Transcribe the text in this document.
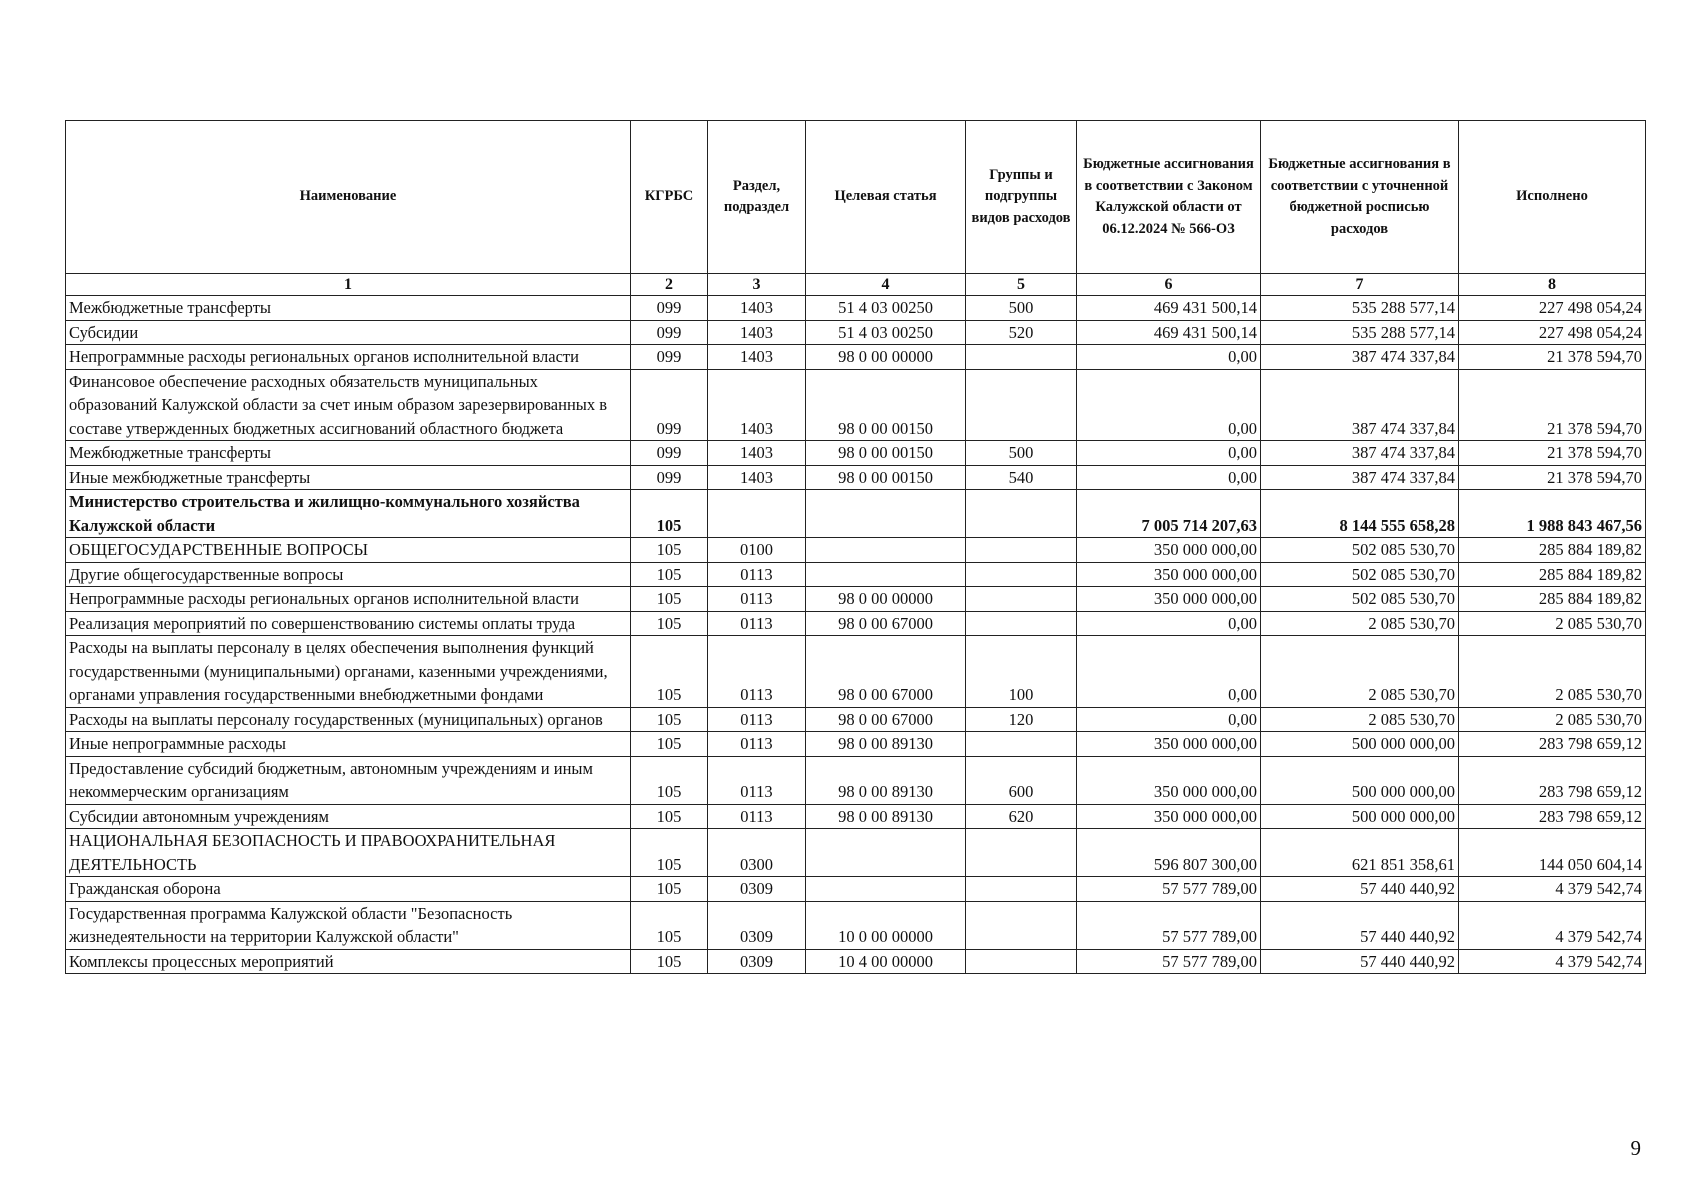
Наименование	КГРБС	Раздел, подраздел	Целевая статья	Группы и подгруппы видов расходов	Бюджетные ассигнования в соответствии с Законом Калужской области от 06.12.2024 № 566-ОЗ	Бюджетные ассигнования в соответствии с уточненной бюджетной росписью расходов	Исполнено
1	2	3	4	5	6	7	8
Межбюджетные трансферты	099	1403	51 4 03 00250	500	469 431 500,14	535 288 577,14	227 498 054,24
Субсидии	099	1403	51 4 03 00250	520	469 431 500,14	535 288 577,14	227 498 054,24
Непрограммные расходы региональных органов исполнительной власти	099	1403	98 0 00 00000		0,00	387 474 337,84	21 378 594,70
Финансовое обеспечение расходных обязательств муниципальных образований Калужской области за счет иным образом зарезервированных в составе утвержденных бюджетных ассигнований областного бюджета	099	1403	98 0 00 00150		0,00	387 474 337,84	21 378 594,70
Межбюджетные трансферты	099	1403	98 0 00 00150	500	0,00	387 474 337,84	21 378 594,70
Иные межбюджетные трансферты	099	1403	98 0 00 00150	540	0,00	387 474 337,84	21 378 594,70
Министерство строительства и жилищно-коммунального хозяйства Калужской области	105				7 005 714 207,63	8 144 555 658,28	1 988 843 467,56
ОБЩЕГОСУДАРСТВЕННЫЕ ВОПРОСЫ	105	0100			350 000 000,00	502 085 530,70	285 884 189,82
Другие общегосударственные вопросы	105	0113			350 000 000,00	502 085 530,70	285 884 189,82
Непрограммные расходы региональных органов исполнительной власти	105	0113	98 0 00 00000		350 000 000,00	502 085 530,70	285 884 189,82
Реализация мероприятий по совершенствованию системы оплаты труда	105	0113	98 0 00 67000		0,00	2 085 530,70	2 085 530,70
Расходы на выплаты персоналу в целях обеспечения выполнения функций государственными (муниципальными) органами, казенными учреждениями, органами управления государственными внебюджетными фондами	105	0113	98 0 00 67000	100	0,00	2 085 530,70	2 085 530,70
Расходы на выплаты персоналу государственных (муниципальных) органов	105	0113	98 0 00 67000	120	0,00	2 085 530,70	2 085 530,70
Иные непрограммные расходы	105	0113	98 0 00 89130		350 000 000,00	500 000 000,00	283 798 659,12
Предоставление субсидий бюджетным, автономным учреждениям и иным некоммерческим организациям	105	0113	98 0 00 89130	600	350 000 000,00	500 000 000,00	283 798 659,12
Субсидии автономным учреждениям	105	0113	98 0 00 89130	620	350 000 000,00	500 000 000,00	283 798 659,12
НАЦИОНАЛЬНАЯ БЕЗОПАСНОСТЬ И ПРАВООХРАНИТЕЛЬНАЯ ДЕЯТЕЛЬНОСТЬ	105	0300			596 807 300,00	621 851 358,61	144 050 604,14
Гражданская оборона	105	0309			57 577 789,00	57 440 440,92	4 379 542,74
Государственная программа Калужской области "Безопасность жизнедеятельности на территории Калужской области"	105	0309	10 0 00 00000		57 577 789,00	57 440 440,92	4 379 542,74
Комплексы процессных мероприятий	105	0309	10 4 00 00000		57 577 789,00	57 440 440,92	4 379 542,74
9
